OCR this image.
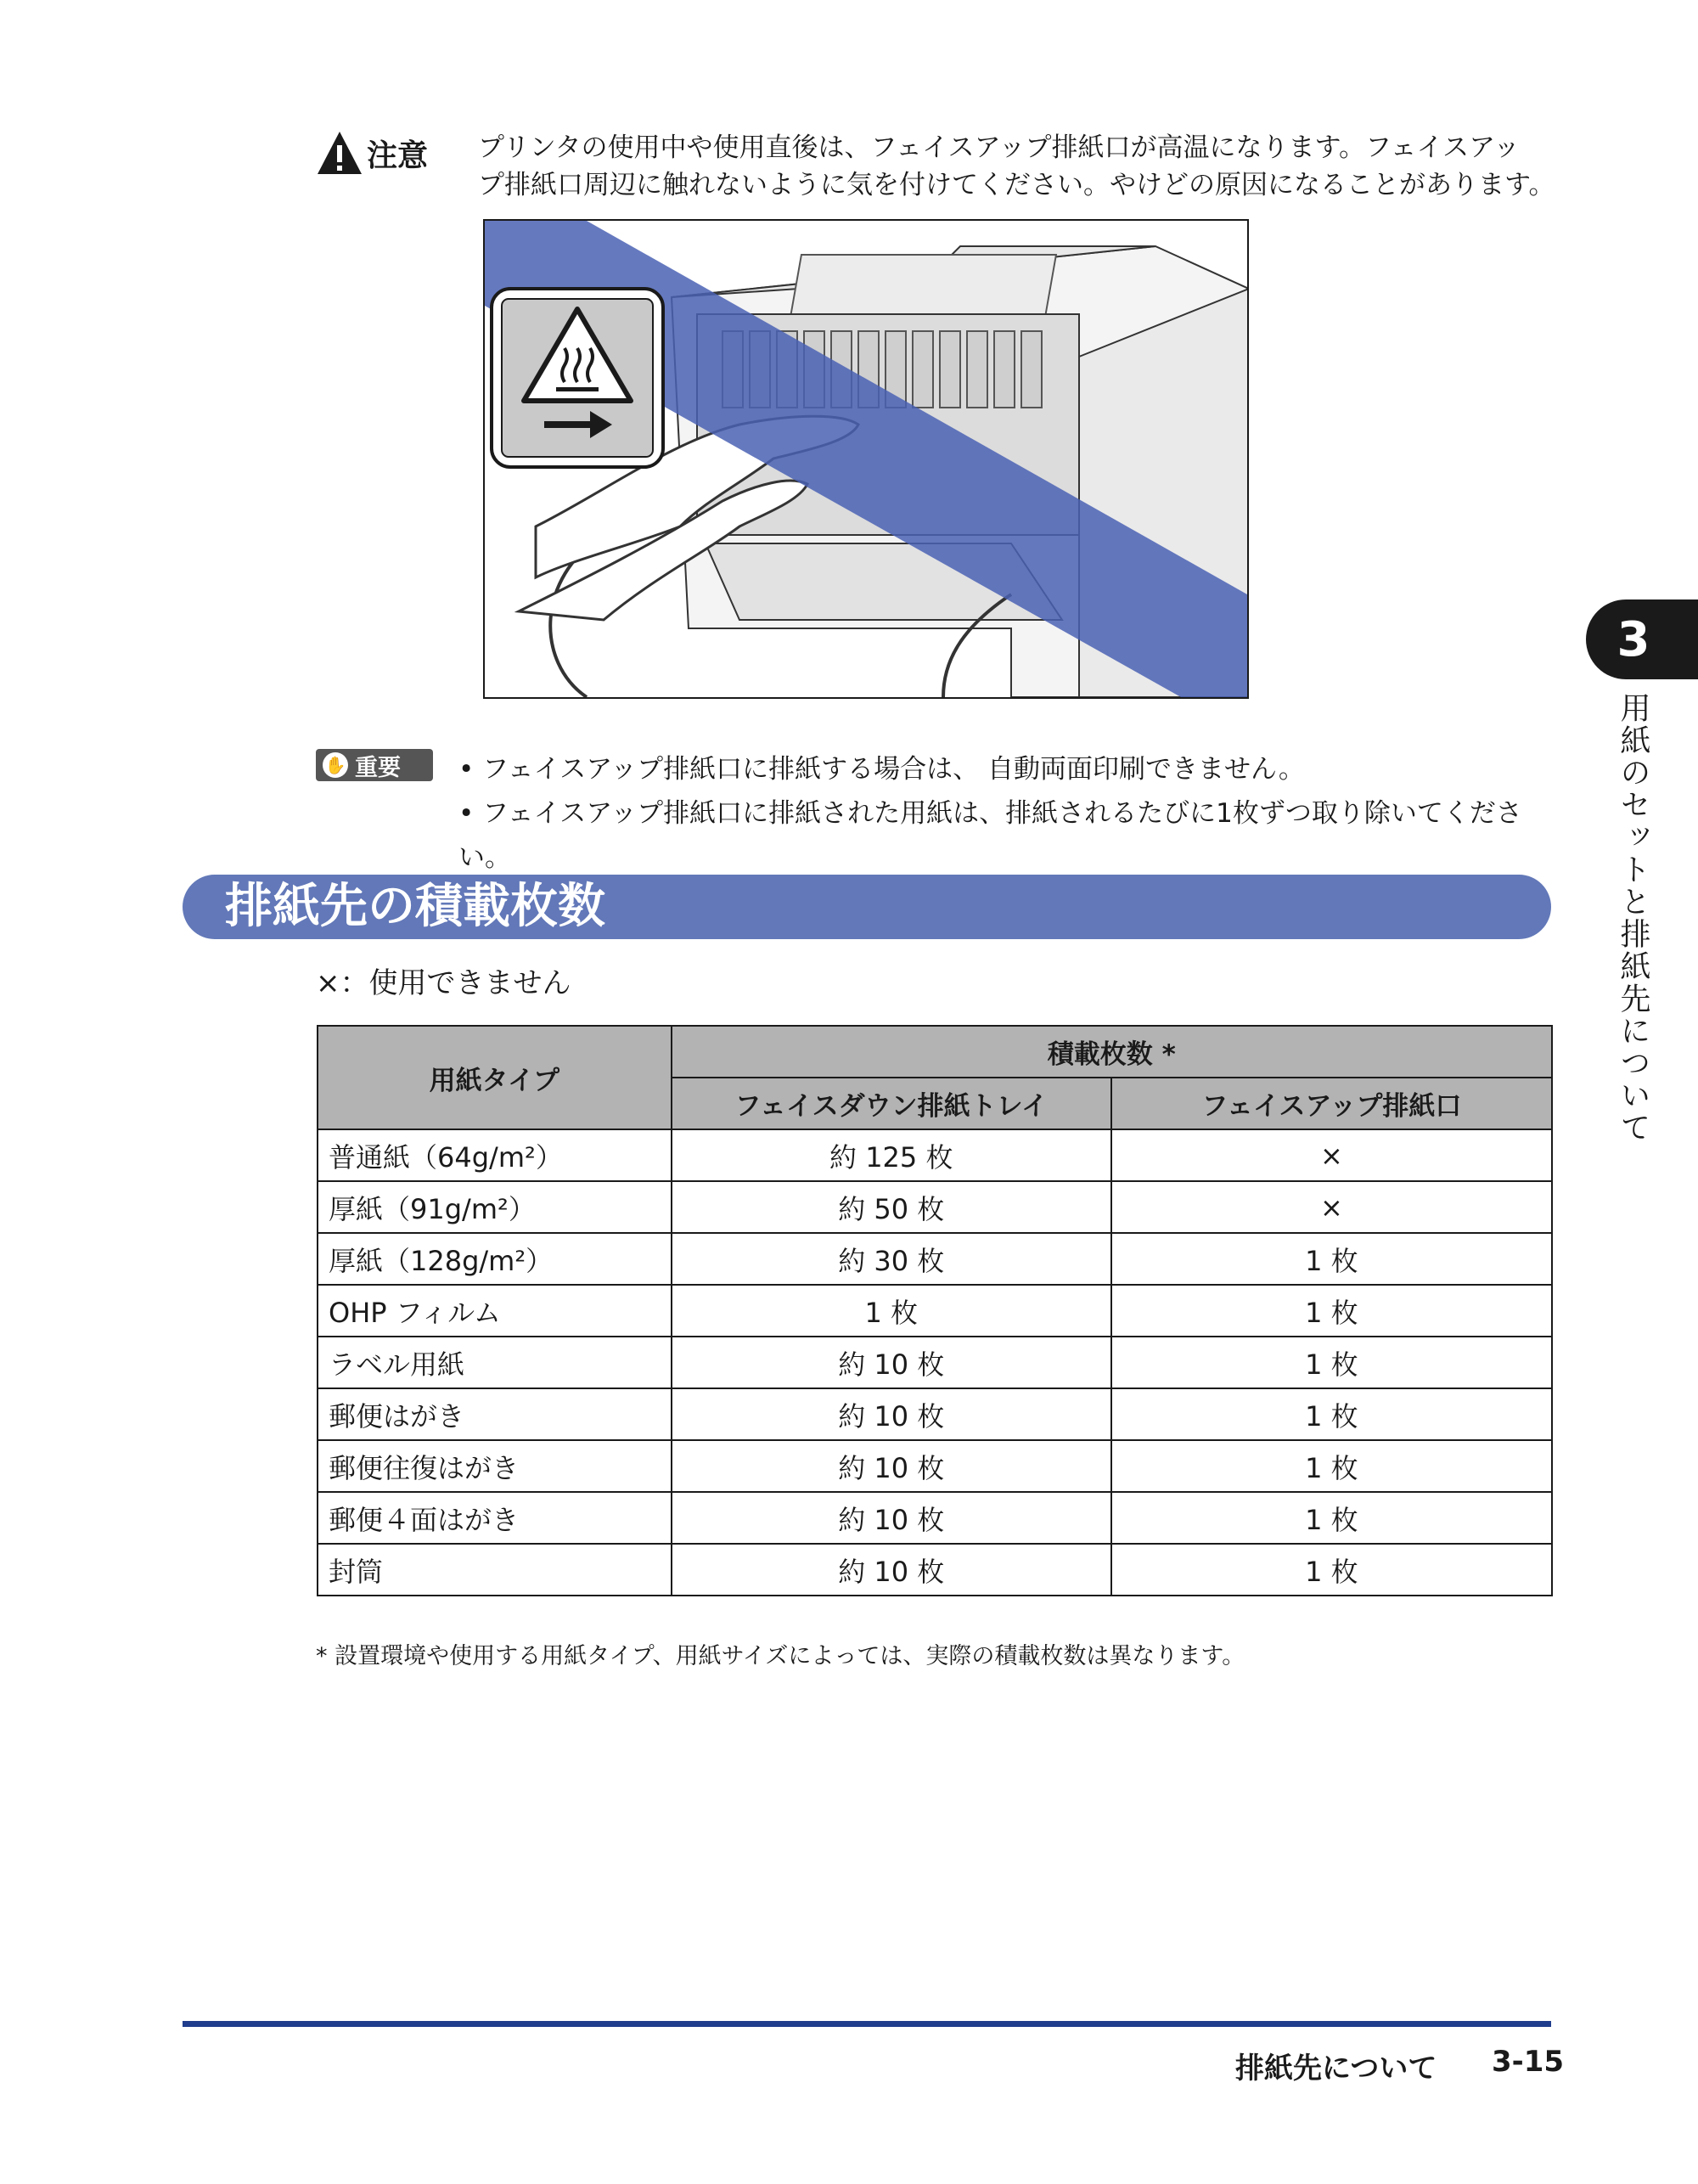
注意 プリンタの使用中や使用直後は、フェイスアップ排紙口が高温になります。フェイスアッ
プ排紙口周辺に触れないように気を付けてください。やけどの原因になることがあります。
✋ 重要	• フェイスアップ排紙口に排紙する場合は、 自動両面印刷できません。
• フェイスアップ排紙口に排紙された用紙は、排紙されるたびに1枚ずつ取り除いてください。
排紙先の積載枚数
×：使用できません
用紙タイプ	積載枚数 *	
	フェイスダウン排紙トレイ	フェイスアップ排紙口
普通紙（64g/m²）	約 125 枚	×
厚紙（91g/m²）	約 50 枚	×
厚紙（128g/m²）	約 30 枚	1 枚
OHP フィルム	1 枚	1 枚
ラベル用紙	約 10 枚	1 枚
郵便はがき	約 10 枚	1 枚
郵便往復はがき	約 10 枚	1 枚
郵便４面はがき	約 10 枚	1 枚
封筒	約 10 枚	1 枚
* 設置環境や使用する用紙タイプ、用紙サイズによっては、実際の積載枚数は異なります。
3
用紙のセットと排紙先について
排紙先について 3-15
